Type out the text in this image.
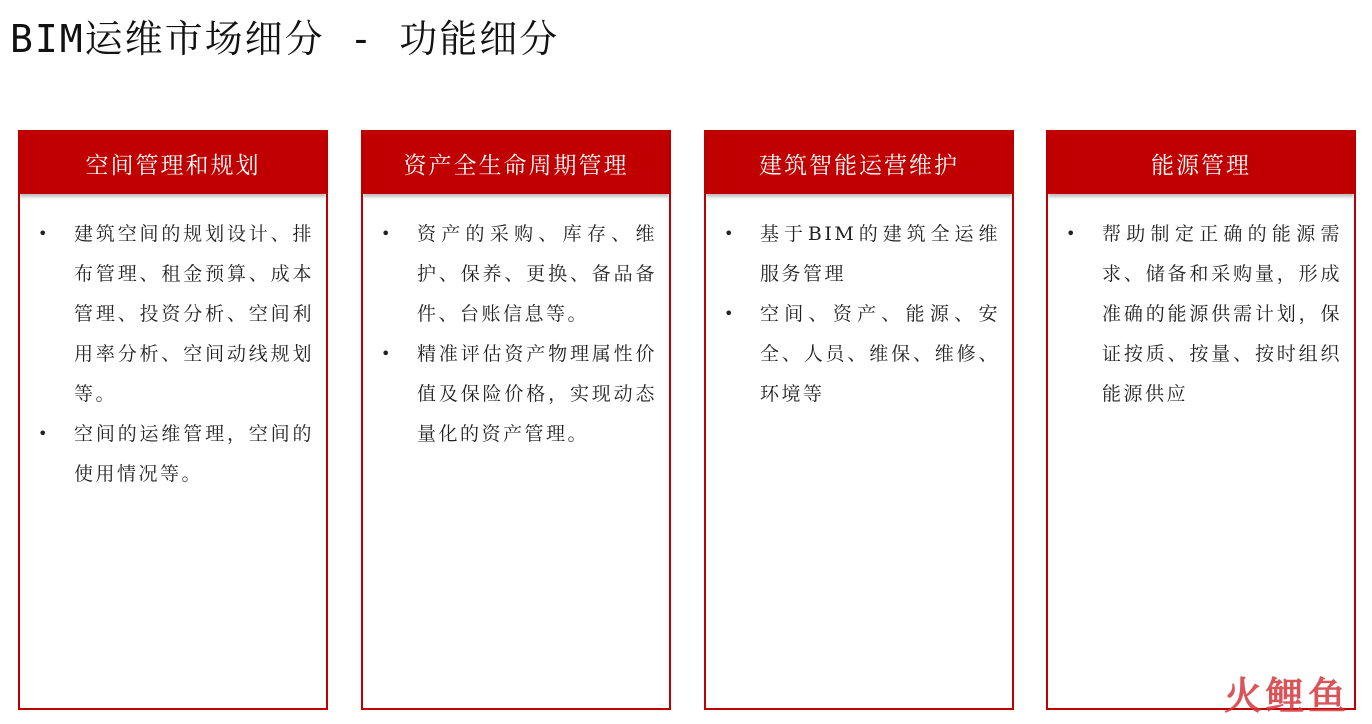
BIM运维市场细分 - 功能细分
空间管理和规划
• 建筑空间的规划设计、排布管理、租金预算、成本管理、投资分析、空间利用率分析、空间动线规划等。
• 空间的运维管理，空间的使用情况等。
资产全生命周期管理
• 资产的采购、库存、维护、保养、更换、备品备件、台账信息等。
• 精准评估资产物理属性价值及保险价格，实现动态量化的资产管理。
建筑智能运营维护
• 基于BIM的建筑全运维服务管理
• 空间、资产、能源、安全、人员、维保、维修、环境等
能源管理
• 帮助制定正确的能源需求、储备和采购量，形成准确的能源供需计划，保证按质、按量、按时组织能源供应
火鲤鱼
